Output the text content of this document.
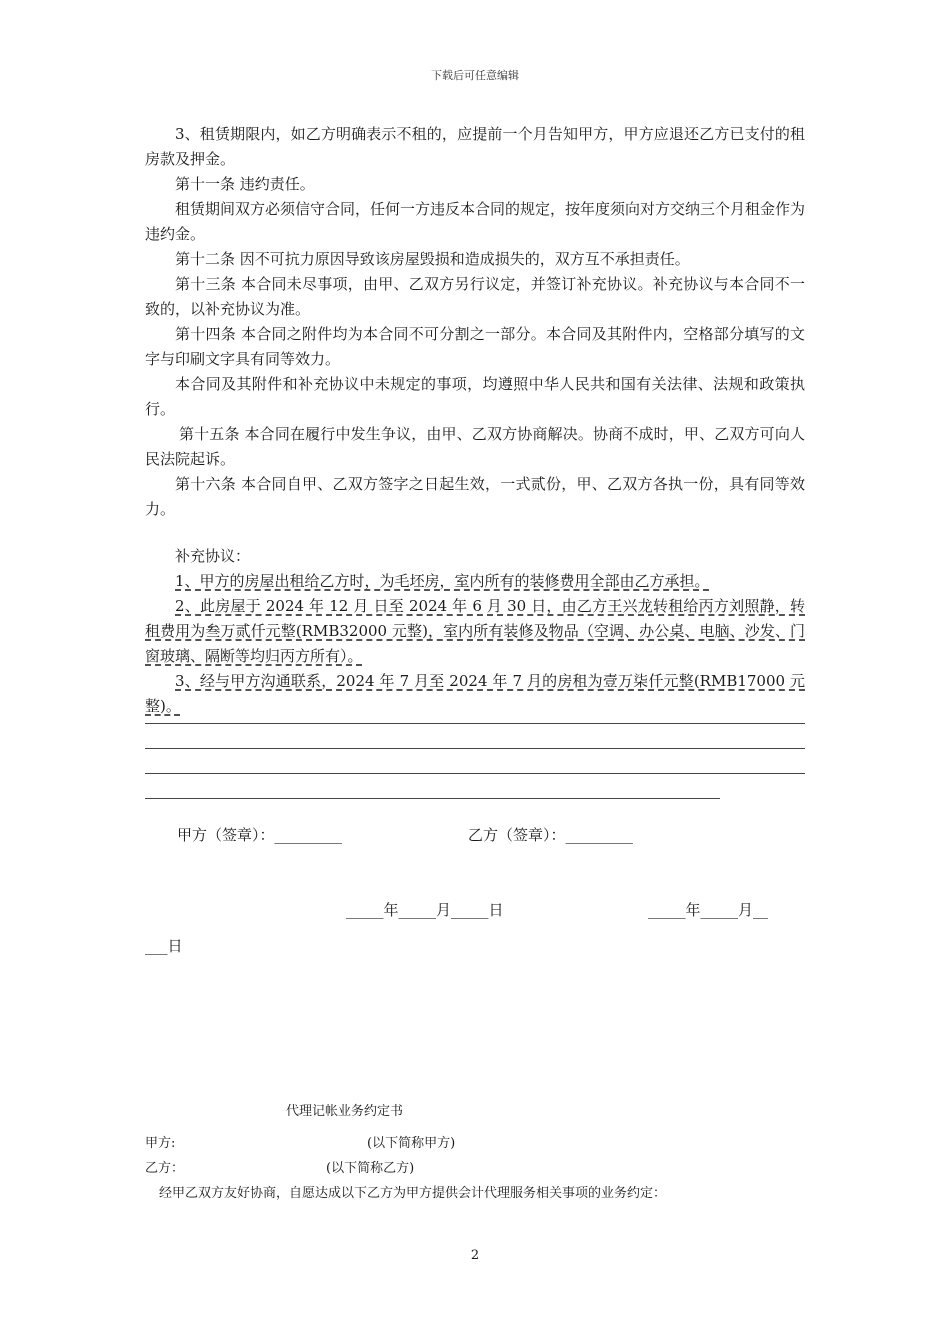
下载后可任意编辑

3、租赁期限内，如乙方明确表示不租的，应提前一个月告知甲方，甲方应退还乙方已支付的租房款及押金。

第十一条 违约责任。

租赁期间双方必须信守合同，任何一方违反本合同的规定，按年度须向对方交纳三个月租金作为违约金。

第十二条 因不可抗力原因导致该房屋毁损和造成损失的，双方互不承担责任。

第十三条 本合同未尽事项，由甲、乙双方另行议定，并签订补充协议。补充协议与本合同不一致的，以补充协议为准。

第十四条 本合同之附件均为本合同不可分割之一部分。本合同及其附件内，空格部分填写的文字与印刷文字具有同等效力。

本合同及其附件和补充协议中未规定的事项，均遵照中华人民共和国有关法律、法规和政策执行。

第十五条 本合同在履行中发生争议，由甲、乙双方协商解决。协商不成时，甲、乙双方可向人民法院起诉。

第十六条 本合同自甲、乙双方签字之日起生效，一式贰份，甲、乙双方各执一份，具有同等效力。

补充协议：

1、甲方的房屋出租给乙方时，为毛坯房，室内所有的装修费用全部由乙方承担。

2、此房屋于 2024 年 12 月 日至 2024 年 6 月 30 日，由乙方王兴龙转租给丙方刘照静，转租费用为叁万贰仟元整(RMB32000 元整)，室内所有装修及物品（空调、办公桌、电脑、沙发、门窗玻璃、隔断等均归丙方所有）。

3、经与甲方沟通联系，2024 年 7 月至 2024 年 7 月的房租为壹万柒仟元整(RMB17000 元整)。

甲方（签章）：_________	乙方（签章）：_________
_____年_____月_____日	_____年_____月__
___日
代理记帐业务约定书
甲方:	(以下简称甲方)
乙方：	(以下简称乙方)
经甲乙双方友好协商，自愿达成以下乙方为甲方提供会计代理服务相关事项的业务约定：
2
